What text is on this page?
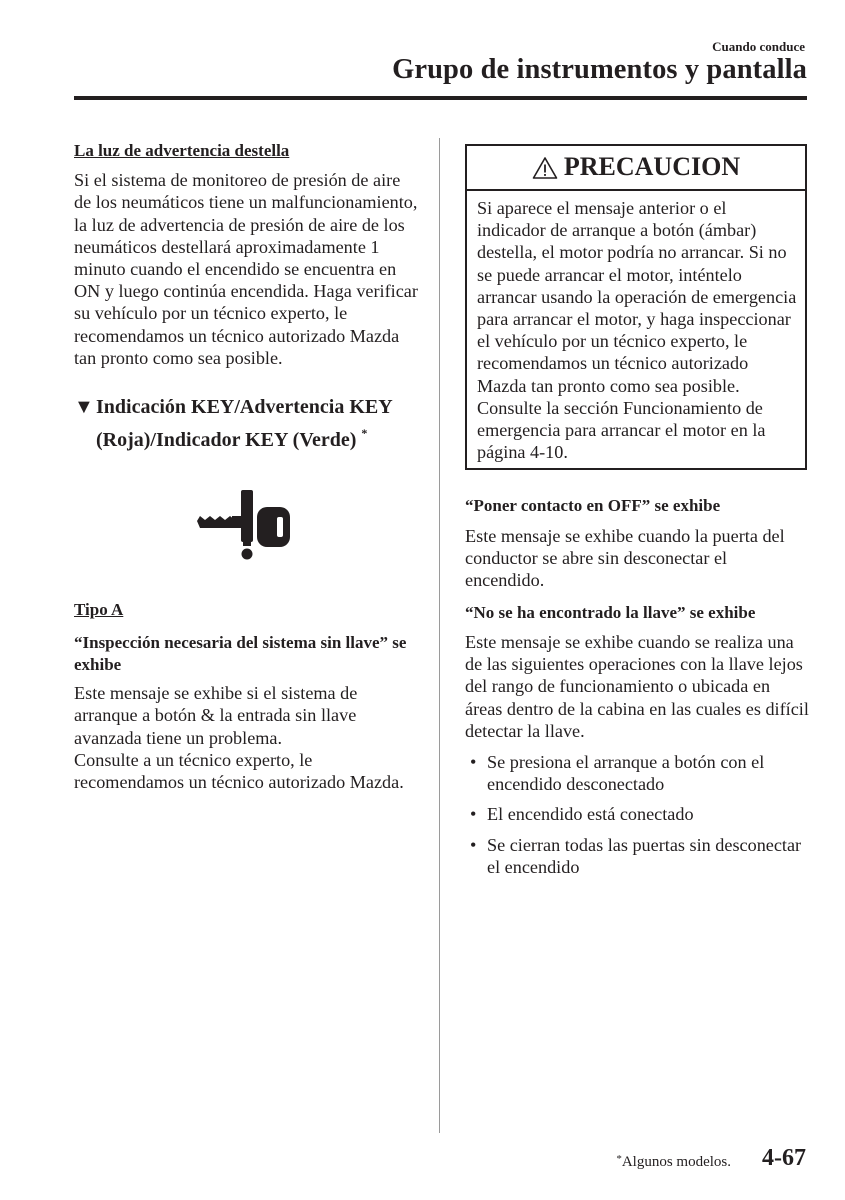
Cuando conduce
Grupo de instrumentos y pantalla

La luz de advertencia destella

Si el sistema de monitoreo de presión de aire de los neumáticos tiene un malfuncionamiento, la luz de advertencia de presión de aire de los neumáticos destellará aproximadamente 1 minuto cuando el encendido se encuentra en ON y luego continúa encendida. Haga verificar su vehículo por un técnico experto, le recomendamos un técnico autorizado Mazda tan pronto como sea posible.

▼ Indicación KEY/Advertencia KEY (Roja)/Indicador KEY (Verde) *

Tipo A

“Inspección necesaria del sistema sin llave” se exhibe

Este mensaje se exhibe si el sistema de arranque a botón & la entrada sin llave avanzada tiene un problema.

Consulte a un técnico experto, le recomendamos un técnico autorizado Mazda.

PRECAUCION

Si aparece el mensaje anterior o el indicador de arranque a botón (ámbar) destella, el motor podría no arrancar. Si no se puede arrancar el motor, inténtelo arrancar usando la operación de emergencia para arrancar el motor, y haga inspeccionar el vehículo por un técnico experto, le recomendamos un técnico autorizado Mazda tan pronto como sea posible.

Consulte la sección Funcionamiento de emergencia para arrancar el motor en la página 4-10.

“Poner contacto en OFF” se exhibe

Este mensaje se exhibe cuando la puerta del conductor se abre sin desconectar el encendido.

“No se ha encontrado la llave” se exhibe

Este mensaje se exhibe cuando se realiza una de las siguientes operaciones con la llave lejos del rango de funcionamiento o ubicada en áreas dentro de la cabina en las cuales es difícil detectar la llave.

• Se presiona el arranque a botón con el encendido desconectado
• El encendido está conectado
• Se cierran todas las puertas sin desconectar el encendido
*Algunos modelos. 4-67
